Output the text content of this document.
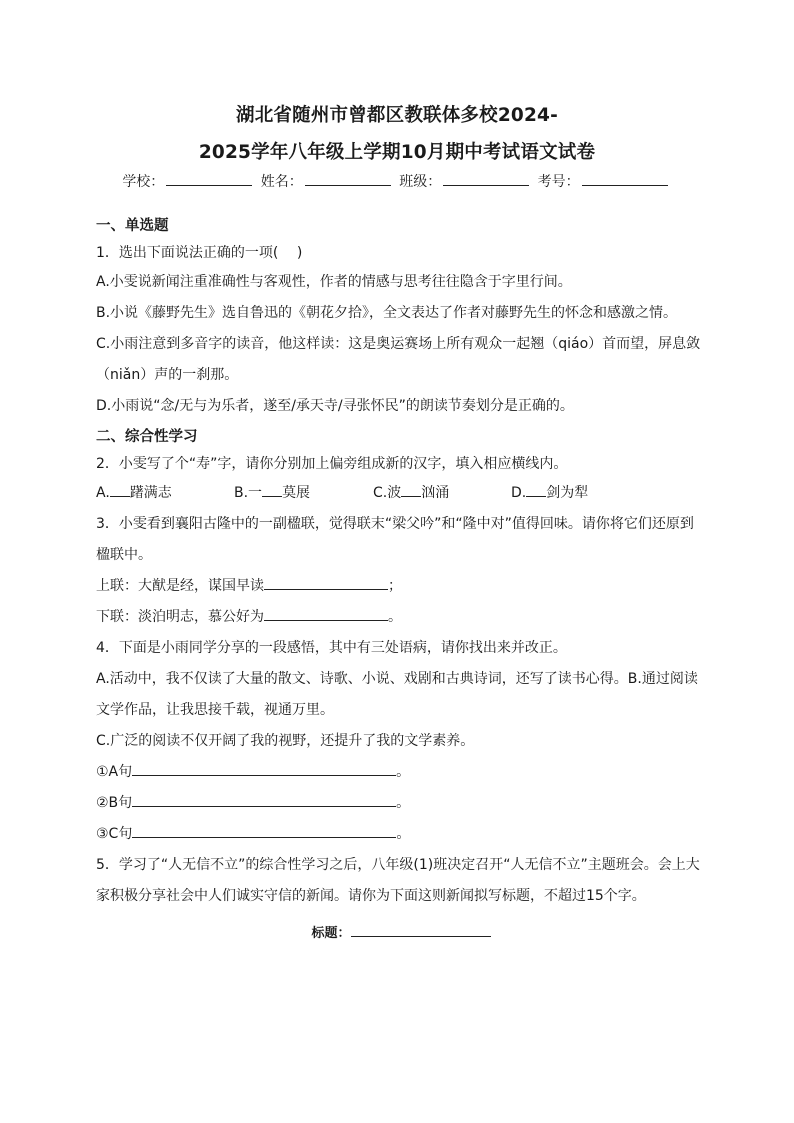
湖北省随州市曾都区教联体多校2024-
2025学年八年级上学期10月期中考试语文试卷
学校：	姓名：	班级：	考号：
一、单选题
1．选出下面说法正确的一项(　 )
A.小雯说新闻注重准确性与客观性，作者的情感与思考往往隐含于字里行间。
B.小说《藤野先生》选自鲁迅的《朝花夕拾》，全文表达了作者对藤野先生的怀念和感激之情。
C.小雨注意到多音字的读音，他这样读：这是奥运赛场上所有观众一起翘（qiáo）首而望，屏息敛（niǎn）声的一刹那。
D.小雨说“念/无与为乐者，遂至/承天寺/寻张怀民”的朗读节奏划分是正确的。
二、综合性学习
2．小雯写了个“寿”字，请你分别加上偏旁组成新的汉字，填入相应横线内。
A. 躇满志	B.一 莫展	C.波 汹涌	D. 剑为犁
3．小雯看到襄阳古隆中的一副楹联，觉得联末“梁父吟”和“隆中对”值得回味。请你将它们还原到楹联中。
上联：大猷是经，谋国早读	；
下联：淡泊明志，慕公好为	。
4．下面是小雨同学分享的一段感悟，其中有三处语病，请你找出来并改正。
A.活动中，我不仅读了大量的散文、诗歌、小说、戏剧和古典诗词，还写了读书心得。B.通过阅读文学作品，让我思接千载，视通万里。
C.广泛的阅读不仅开阔了我的视野，还提升了我的文学素养。
①A句	。
②B句	。
③C句	。
5．学习了“人无信不立”的综合性学习之后，八年级(1)班决定召开“人无信不立”主题班会。会上大家积极分享社会中人们诚实守信的新闻。请你为下面这则新闻拟写标题，不超过15个字。
标题：
